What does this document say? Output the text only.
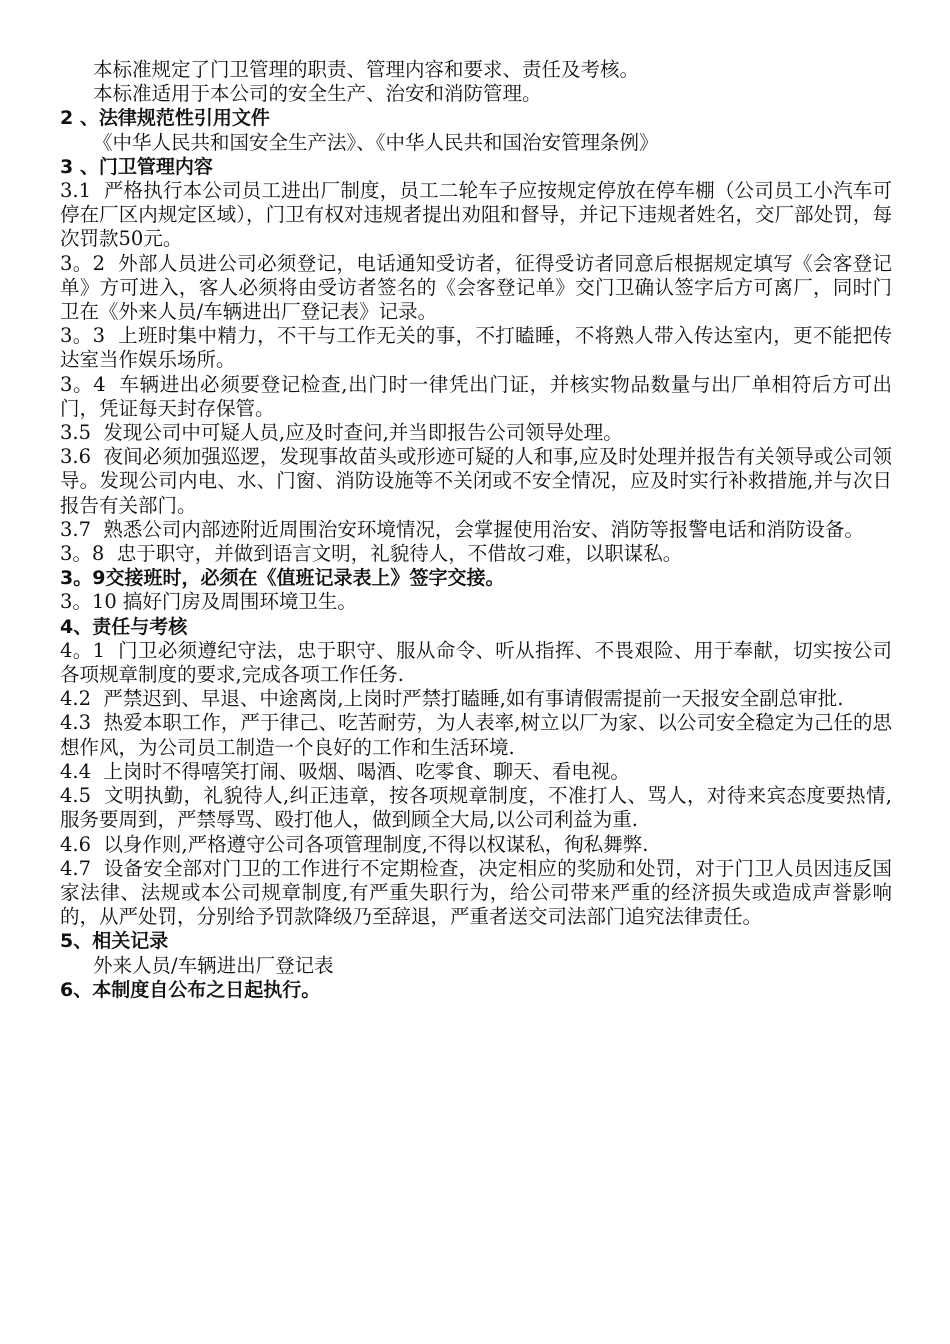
本标准规定了门卫管理的职责、管理内容和要求、责任及考核。

本标准适用于本公司的安全生产、治安和消防管理。

2 、法律规范性引用文件

《中华人民共和国安全生产法》、《中华人民共和国治安管理条例》

3 、门卫管理内容

3.1  严格执行本公司员工进出厂制度，员工二轮车子应按规定停放在停车棚（公司员工小汽车可停在厂区内规定区域），门卫有权对违规者提出劝阻和督导，并记下违规者姓名，交厂部处罚，每次罚款50元。

3。2  外部人员进公司必须登记，电话通知受访者，征得受访者同意后根据规定填写《会客登记单》方可进入，客人必须将由受访者签名的《会客登记单》交门卫确认签字后方可离厂，同时门卫在《外来人员/车辆进出厂登记表》记录。

3。3  上班时集中精力，不干与工作无关的事，不打瞌睡，不将熟人带入传达室内，更不能把传达室当作娱乐场所。

3。4  车辆进出必须要登记检查,出门时一律凭出门证，并核实物品数量与出厂单相符后方可出门，凭证每天封存保管。

3.5  发现公司中可疑人员,应及时查问,并当即报告公司领导处理。

3.6  夜间必须加强巡逻，发现事故苗头或形迹可疑的人和事,应及时处理并报告有关领导或公司领导。发现公司内电、水、门窗、消防设施等不关闭或不安全情况，应及时实行补救措施,并与次日报告有关部门。

3.7  熟悉公司内部迹附近周围治安环境情况，会掌握使用治安、消防等报警电话和消防设备。

3。8  忠于职守，并做到语言文明，礼貌待人，不借故刁难，以职谋私。

3。9交接班时，必须在《值班记录表上》签字交接。

3。10 搞好门房及周围环境卫生。

4、责任与考核

4。1  门卫必须遵纪守法，忠于职守、服从命令、听从指挥、不畏艰险、用于奉献，切实按公司各项规章制度的要求,完成各项工作任务.

4.2  严禁迟到、早退、中途离岗,上岗时严禁打瞌睡,如有事请假需提前一天报安全副总审批.

4.3  热爱本职工作，严于律己、吃苦耐劳，为人表率,树立以厂为家、以公司安全稳定为己任的思想作风，为公司员工制造一个良好的工作和生活环境.

4.4  上岗时不得嘻笑打闹、吸烟、喝酒、吃零食、聊天、看电视。

4.5  文明执勤，礼貌待人,纠正违章，按各项规章制度，不准打人、骂人，对待来宾态度要热情,服务要周到，严禁辱骂、殴打他人，做到顾全大局,以公司利益为重.

4.6  以身作则,严格遵守公司各项管理制度,不得以权谋私，徇私舞弊.

4.7  设备安全部对门卫的工作进行不定期检查，决定相应的奖励和处罚，对于门卫人员因违反国家法律、法规或本公司规章制度,有严重失职行为，给公司带来严重的经济损失或造成声誉影响的，从严处罚，分别给予罚款降级乃至辞退，严重者送交司法部门追究法律责任。

5、相关记录

外来人员/车辆进出厂登记表

6、本制度自公布之日起执行。
